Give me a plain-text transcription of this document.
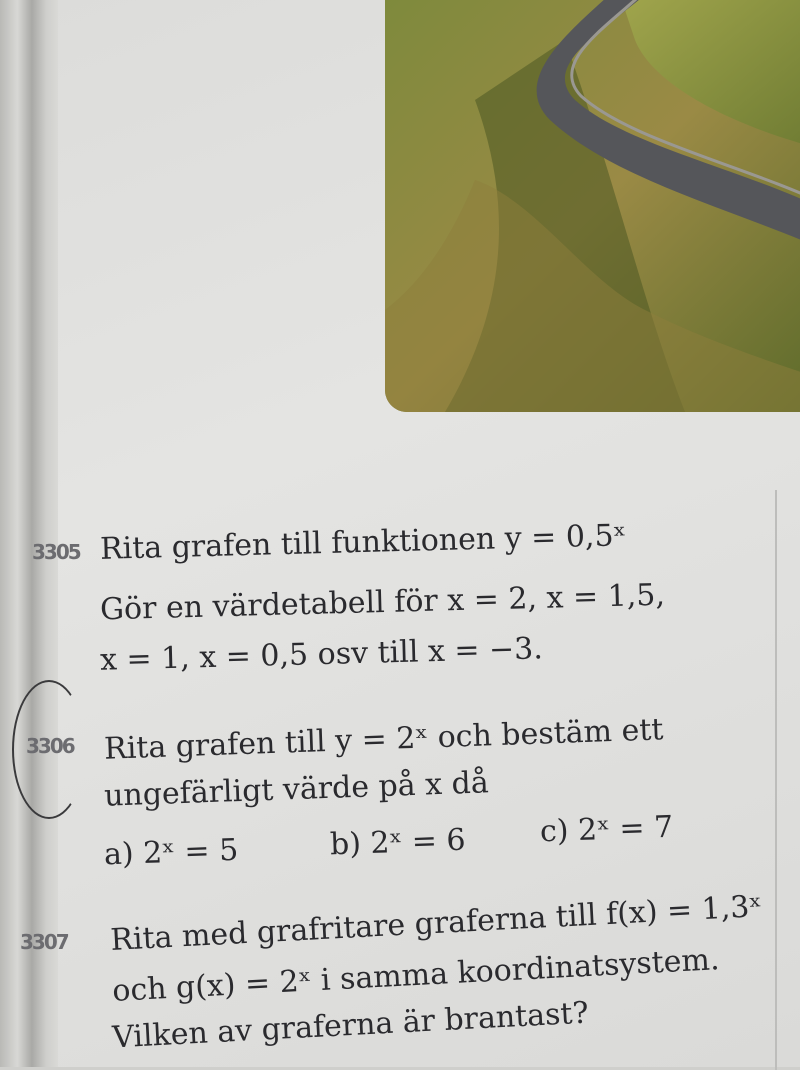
3305 Rita grafen till funktionen y = 0,5ˣ
Gör en värdetabell för x = 2, x = 1,5,
x = 1, x = 0,5 osv till x = −3.
3306 Rita grafen till y = 2ˣ och bestäm ett
ungefärligt värde på x då
a) 2ˣ = 5	b) 2ˣ = 6 c) 2ˣ = 7
3307 Rita med grafritare graferna till f(x) = 1,3ˣ
och g(x) = 2ˣ i samma koordinatsystem.
Vilken av graferna är brantast?
